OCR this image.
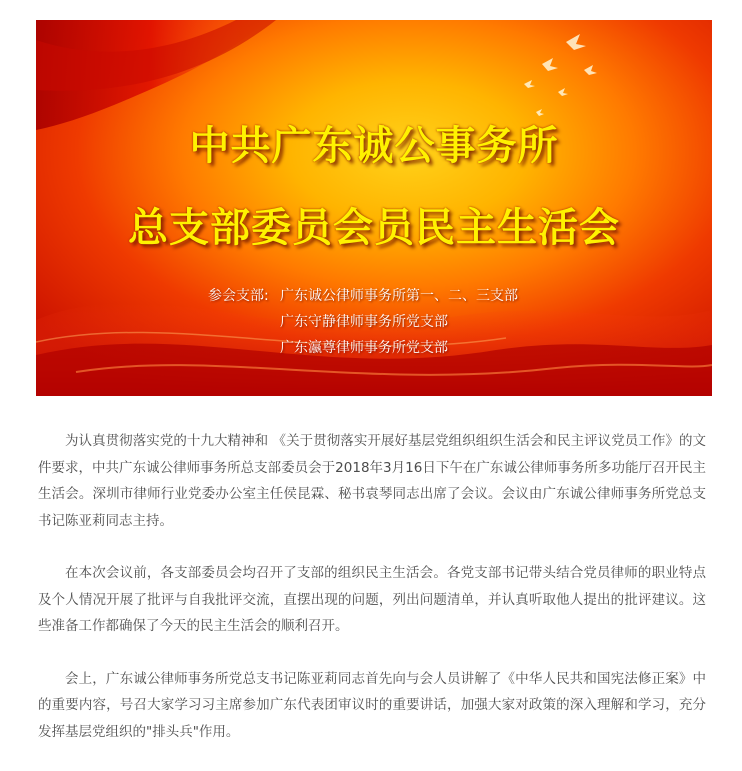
中共广东诚公事务所
总支部委员会员民主生活会
参会支部: 广东诚公律师事务所第一、二、三支部
广东守静律师事务所党支部
广东瀛尊律师事务所党支部

为认真贯彻落实党的十九大精神和 《关于贯彻落实开展好基层党组织组织生活会和民主评议党员工作》的文件要求，中共广东诚公律师事务所总支部委员会于2018年3月16日下午在广东诚公律师事务所多功能厅召开民主生活会。深圳市律师行业党委办公室主任侯昆霖、秘书袁琴同志出席了会议。会议由广东诚公律师事务所党总支书记陈亚莉同志主持。

在本次会议前，各支部委员会均召开了支部的组织民主生活会。各党支部书记带头结合党员律师的职业特点及个人情况开展了批评与自我批评交流，直摆出现的问题，列出问题清单，并认真听取他人提出的批评建议。这些准备工作都确保了今天的民主生活会的顺利召开。

会上，广东诚公律师事务所党总支书记陈亚莉同志首先向与会人员讲解了《中华人民共和国宪法修正案》中的重要内容，号召大家学习习主席参加广东代表团审议时的重要讲话，加强大家对政策的深入理解和学习，充分发挥基层党组织的"排头兵"作用。
